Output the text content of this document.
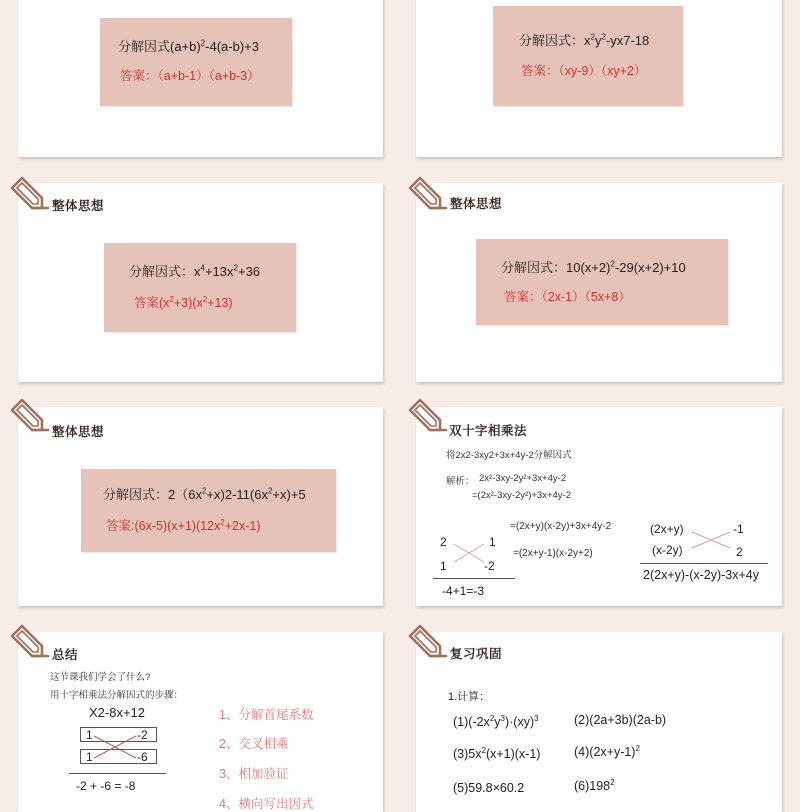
分解因式$(a+b)^2-4(a-b)+3$
答案：（a+b-1）（a+b-3）
分解因式：$x^2y^2-yx7-18$
答案：（xy-9）（xy+2）
整体思想
分解因式：$x^4+13x^2+36$
答案$(x^2+3)(x^2+13)$
整体思想
分解因式：$10(x+2)^2-29(x+2)+10$
答案：（2x-1）（5x+8）
整体思想
分解因式：$2(6x^2+x)2-11(6x^2+x)+5$
答案$:(6x-5)(x+1)(12x^2+2x-1)$
双十字相乘法
将2x2-3xy2+3x+4y-2分解因式
解析： 2x²-3xy-2y²+3x+4y-2
=(2x²-3xy-2y²)+3x+4y-2
2	1
1	-2
-4+1=-3
=(2x+y)(x-2y)+3x+4y-2
=(2x+y-1)(x-2y+2)
(2x+y)	-1
(x-2y)	2
2(2x+y)-(x-2y)-3x+4y
总结
这节课我们学会了什么?
用十字相乘法分解因式的步骤：
X2-8x+12
1	-2
1	-6
-2 + -6 = -8
1、分解首尾系数
2、交叉相乘
3、相加验证
4、横向写出因式
复习巩固
1.计算：
$(1)(-2x^2y^3)\cdot(xy)^3$	(2)(2a+3b)(2a-b)
$(3)5x^2(x+1)(x-1)$	$(4)(2x+y-1)^2$
(5)59.8×60.2	$(6)198^2$
